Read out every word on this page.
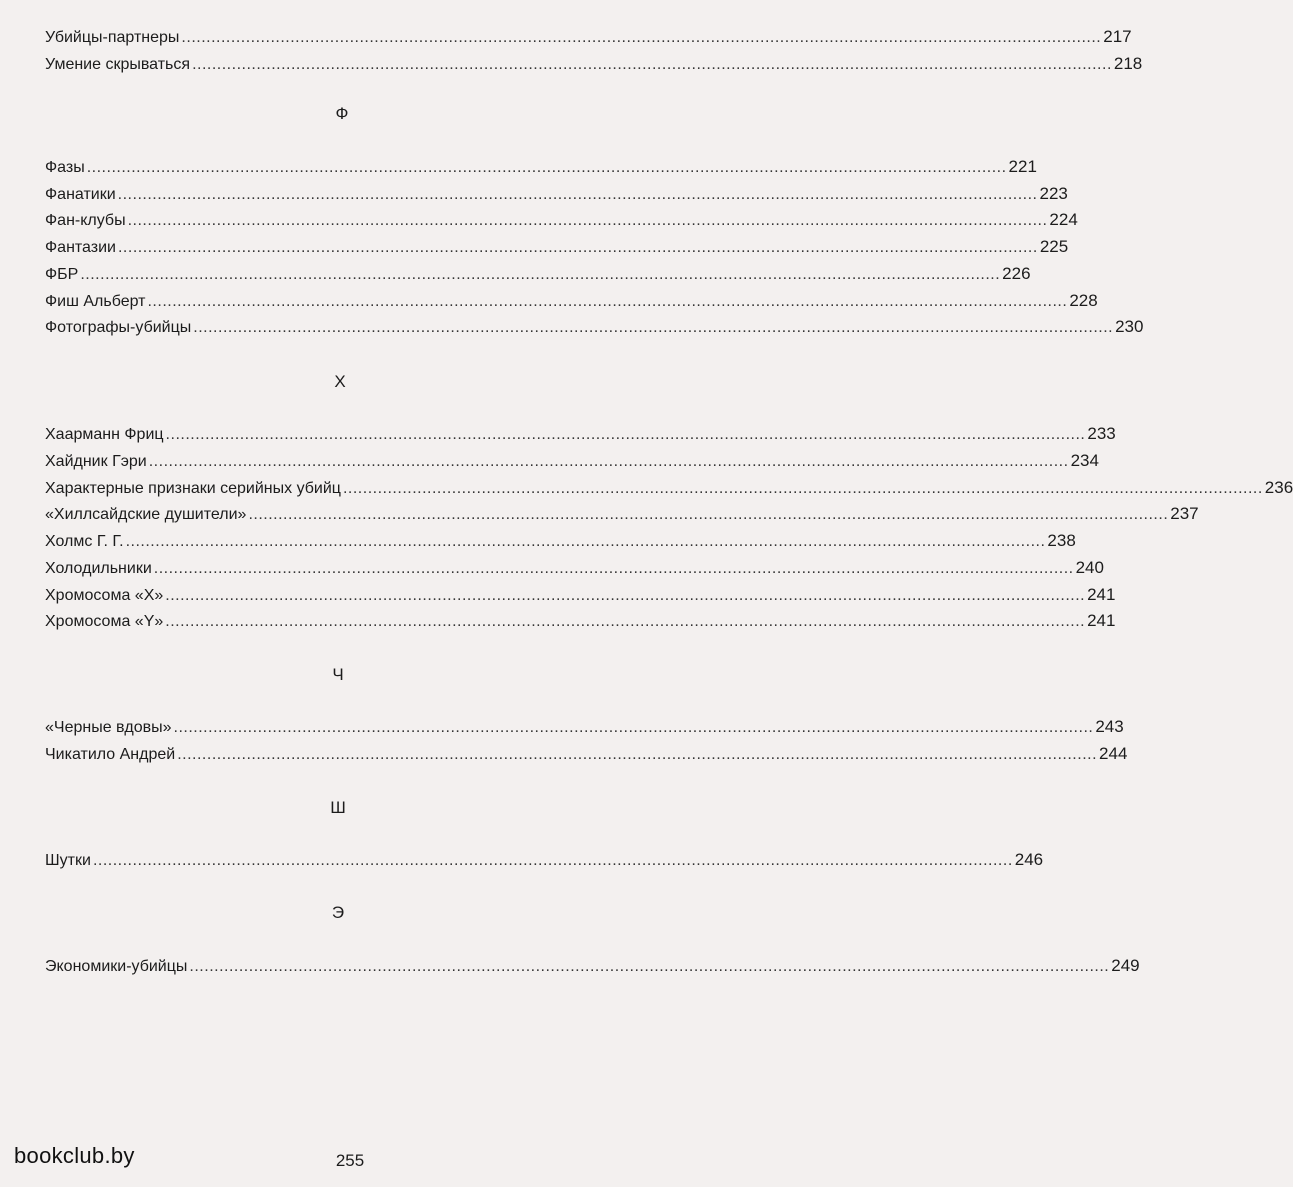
Убийцы-партнеры .......................................................................................................................................................................................... 217
Умение скрываться .......................................................................................................................................................................................... 218
Ф
Фазы .......................................................................................................................................................................................... 221
Фанатики .......................................................................................................................................................................................... 223
Фан-клубы .......................................................................................................................................................................................... 224
Фантазии .......................................................................................................................................................................................... 225
ФБР .......................................................................................................................................................................................... 226
Фиш Альберт .......................................................................................................................................................................................... 228
Фотографы-убийцы .......................................................................................................................................................................................... 230
Х
Хаарманн Фриц .......................................................................................................................................................................................... 233
Хайдник Гэри .......................................................................................................................................................................................... 234
Характерные признаки серийных убийц .......................................................................................................................................................................................... 236
«Хиллсайдские душители» .......................................................................................................................................................................................... 237
Холмс Г. Г. .......................................................................................................................................................................................... 238
Холодильники .......................................................................................................................................................................................... 240
Хромосома «X» .......................................................................................................................................................................................... 241
Хромосома «Y» .......................................................................................................................................................................................... 241
Ч
«Черные вдовы» .......................................................................................................................................................................................... 243
Чикатило Андрей .......................................................................................................................................................................................... 244
Ш
Шутки .......................................................................................................................................................................................... 246
Э
Экономики-убийцы .......................................................................................................................................................................................... 249
bookclub.by	255
